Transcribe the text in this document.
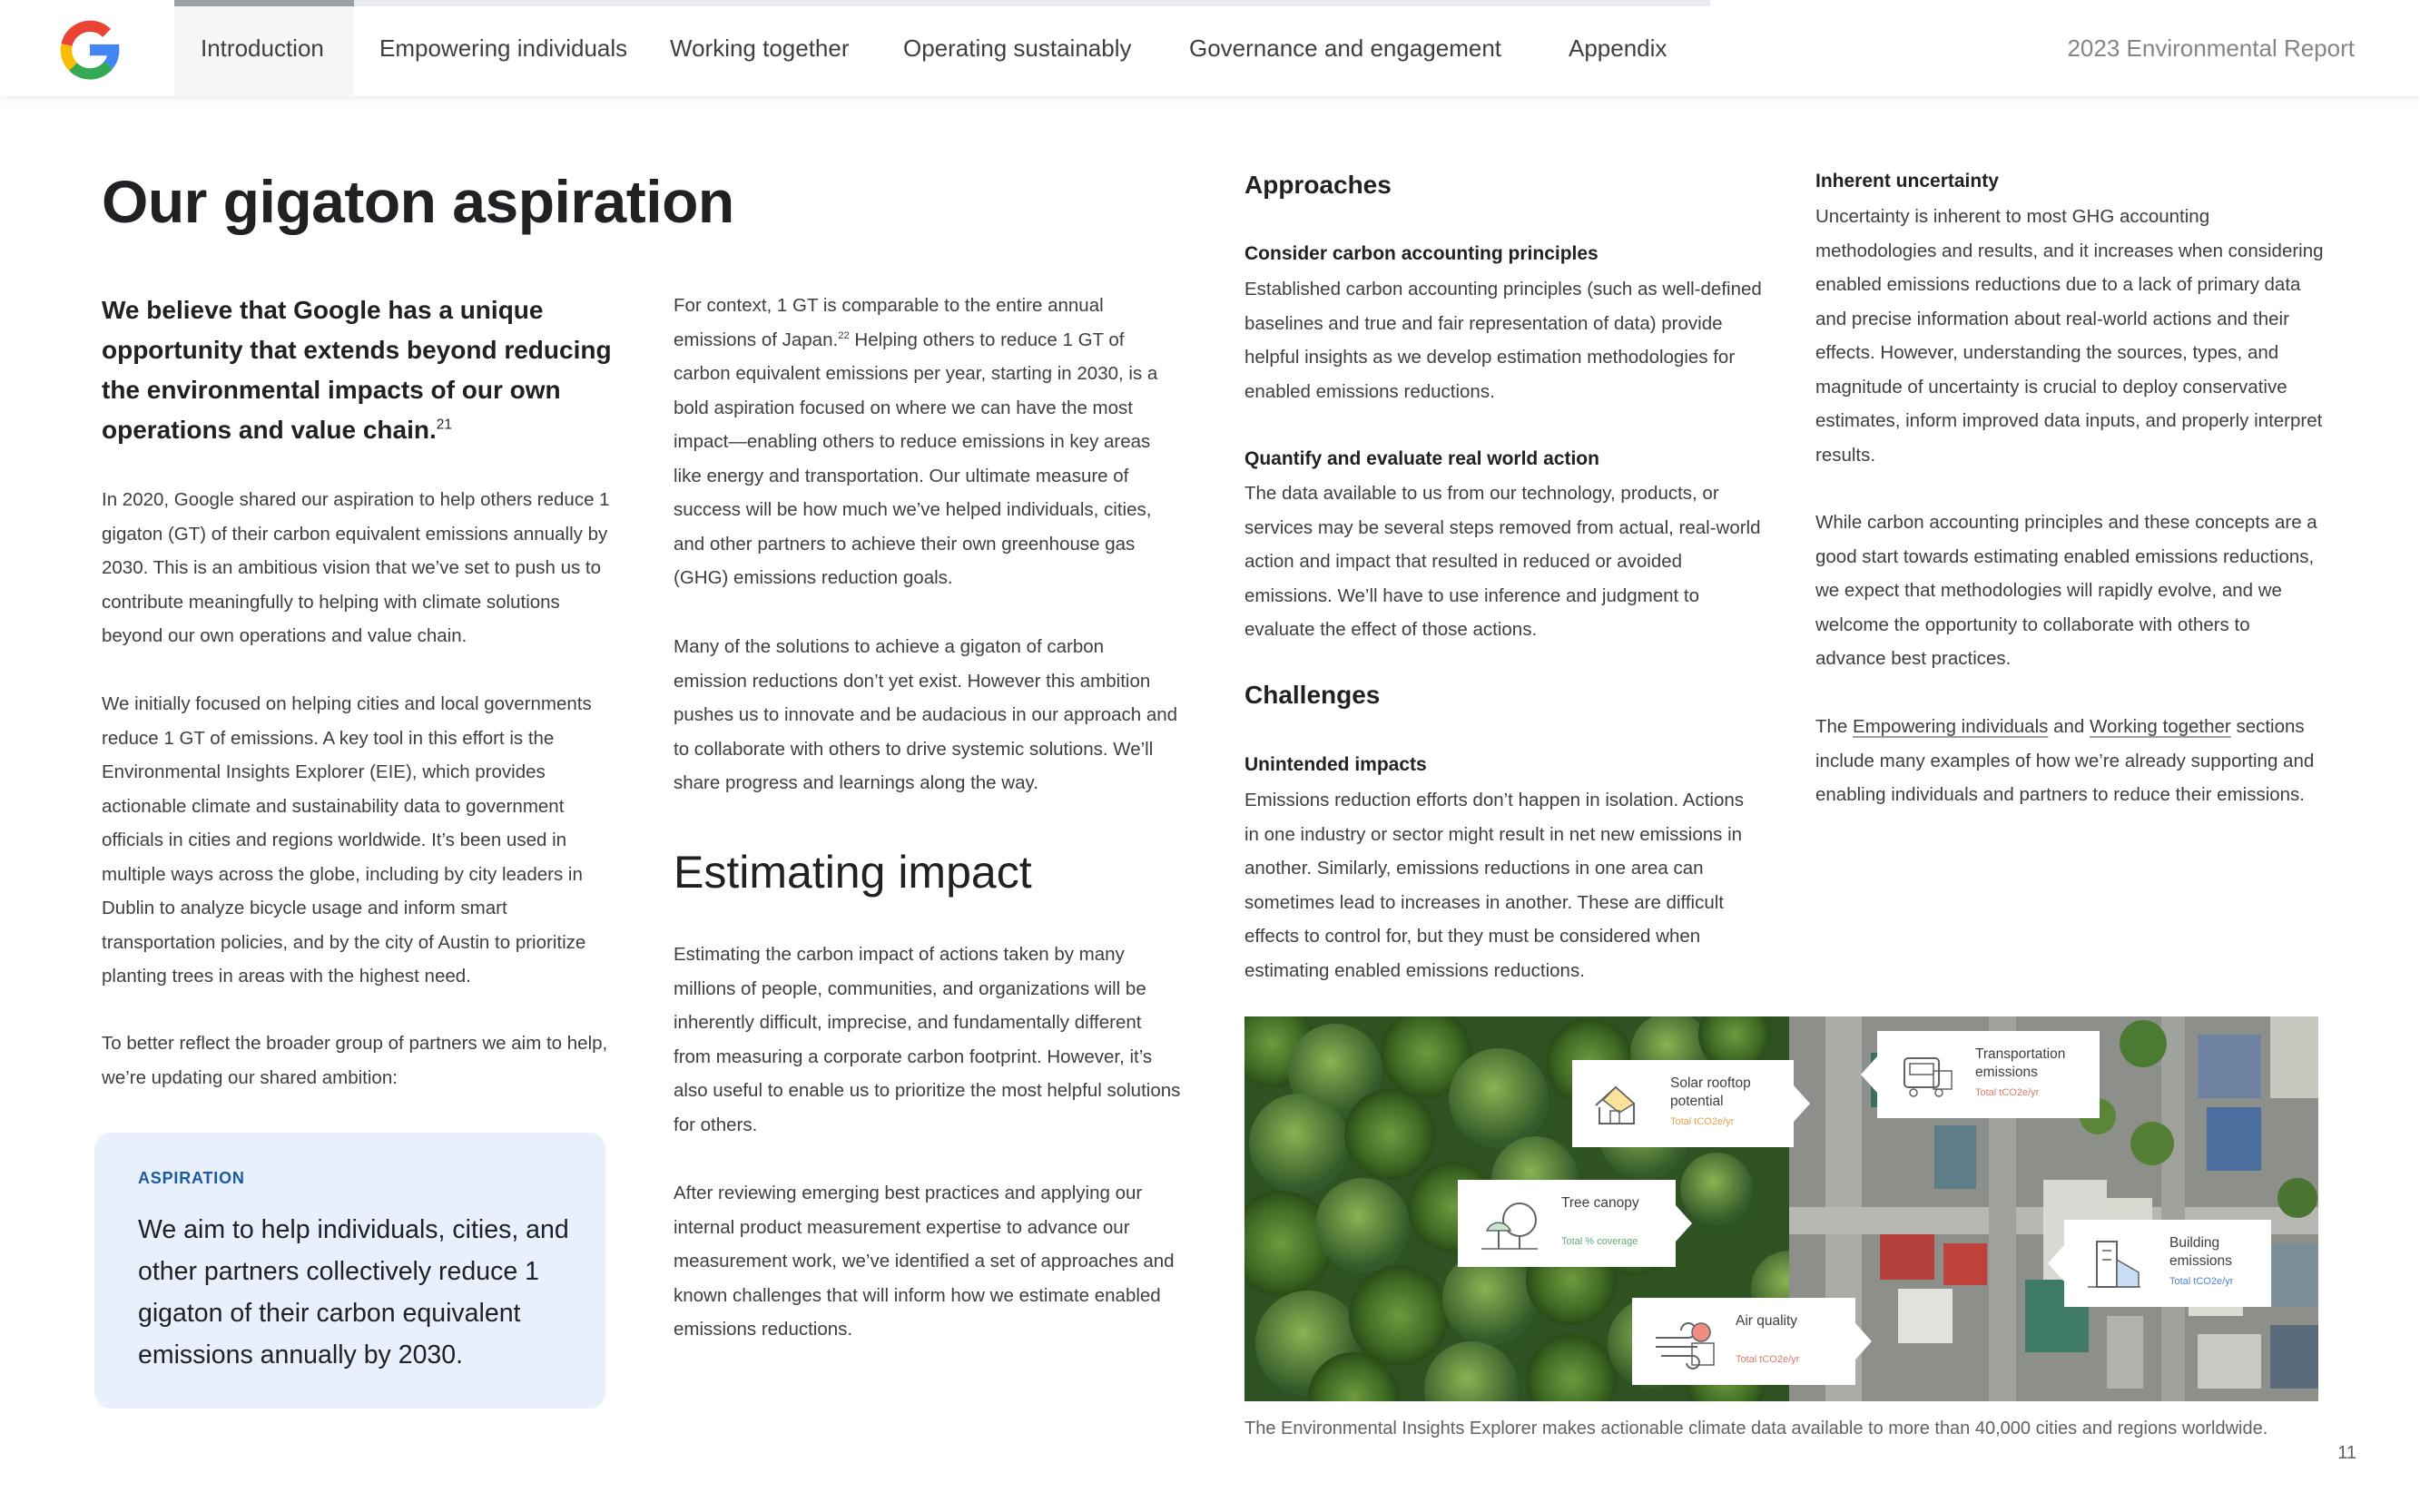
Introduction Empowering individuals Working together Operating sustainably Governance and engagement	Appendix	2023 Environmental Report
Our gigaton aspiration

We believe that Google has a unique opportunity that extends beyond reducing the environmental impacts of our own operations and value chain.$^{21}$

In 2020, Google shared our aspiration to help others reduce 1 gigaton (GT) of their carbon equivalent emissions annually by 2030. This is an ambitious vision that we’ve set to push us to contribute meaningfully to helping with climate solutions beyond our own operations and value chain.

We initially focused on helping cities and local governments reduce 1 GT of emissions. A key tool in this effort is the Environmental Insights Explorer (EIE), which provides actionable climate and sustainability data to government officials in cities and regions worldwide. It’s been used in multiple ways across the globe, including by city leaders in Dublin to analyze bicycle usage and inform smart transportation policies, and by the city of Austin to prioritize planting trees in areas with the highest need.

To better reflect the broader group of partners we aim to help, we’re updating our shared ambition:

ASPIRATION
We aim to help individuals, cities, and other partners collectively reduce 1 gigaton of their carbon equivalent emissions annually by 2030.

For context, 1 GT is comparable to the entire annual emissions of Japan.$^{22}$ Helping others to reduce 1 GT of carbon equivalent emissions per year, starting in 2030, is a bold aspiration focused on where we can have the most impact—enabling others to reduce emissions in key areas like energy and transportation. Our ultimate measure of success will be how much we’ve helped individuals, cities, and other partners to achieve their own greenhouse gas (GHG) emissions reduction goals.

Many of the solutions to achieve a gigaton of carbon emission reductions don’t yet exist. However this ambition pushes us to innovate and be audacious in our approach and to collaborate with others to drive systemic solutions. We’ll share progress and learnings along the way.

Estimating impact

Estimating the carbon impact of actions taken by many millions of people, communities, and organizations will be inherently difficult, imprecise, and fundamentally different from measuring a corporate carbon footprint. However, it’s also useful to enable us to prioritize the most helpful solutions for others.

After reviewing emerging best practices and applying our internal product measurement expertise to advance our measurement work, we’ve identified a set of approaches and known challenges that will inform how we estimate enabled emissions reductions.

Approaches
Consider carbon accounting principles

Established carbon accounting principles (such as well-defined baselines and true and fair representation of data) provide helpful insights as we develop estimation methodologies for enabled emissions reductions.

Quantify and evaluate real world action

The data available to us from our technology, products, or services may be several steps removed from actual, real-world action and impact that resulted in reduced or avoided emissions. We’ll have to use inference and judgment to evaluate the effect of those actions.

Challenges
Unintended impacts

Emissions reduction efforts don’t happen in isolation. Actions in one industry or sector might result in net new emissions in another. Similarly, emissions reductions in one area can sometimes lead to increases in another. These are difficult effects to control for, but they must be considered when estimating enabled emissions reductions.

Inherent uncertainty

Uncertainty is inherent to most GHG accounting methodologies and results, and it increases when considering enabled emissions reductions due to a lack of primary data and precise information about real-world actions and their effects. However, understanding the sources, types, and magnitude of uncertainty is crucial to deploy conservative estimates, inform improved data inputs, and properly interpret results.

While carbon accounting principles and these concepts are a good start towards estimating enabled emissions reductions, we expect that methodologies will rapidly evolve, and we welcome the opportunity to collaborate with others to advance best practices.

The Empowering individuals and Working together sections include many examples of how we’re already supporting and enabling individuals and partners to reduce their emissions.

Solar rooftop potential
Total tCO2e/yr
Transportation emissions
Total tCO2e/yr
Tree canopy
Total % coverage	Building emissions
Total tCO2e/yr
Air quality
Total tCO2e/yr
The Environmental Insights Explorer makes actionable climate data available to more than 40,000 cities and regions worldwide.
11
